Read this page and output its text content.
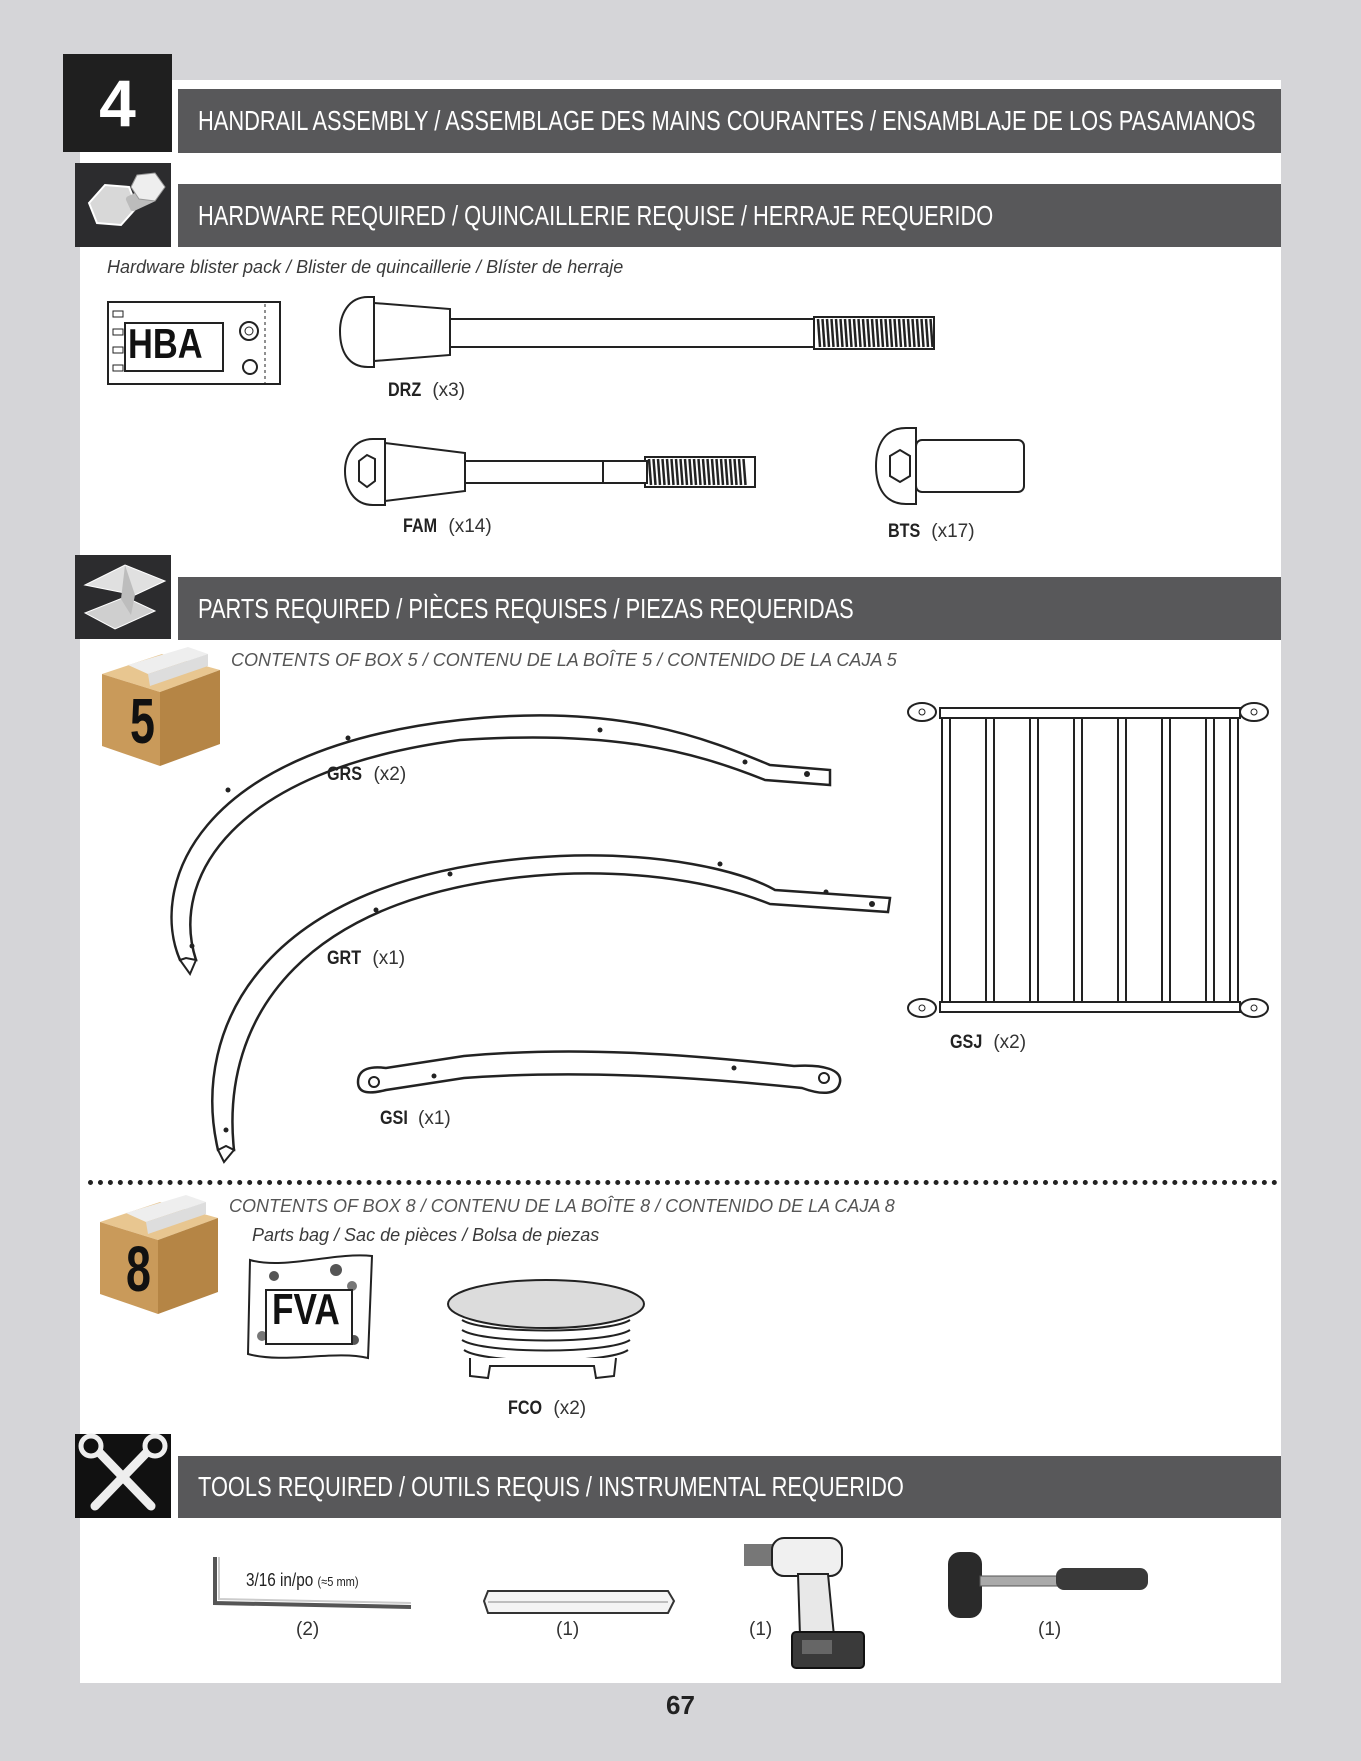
4	HANDRAIL ASSEMBLY / ASSEMBLAGE DES MAINS COURANTES / ENSAMBLAJE DE LOS PASAMANOS
HARDWARE REQUIRED / QUINCAILLERIE REQUISE / HERRAJE REQUERIDO
Hardware blister pack / Blister de quincaillerie / Blíster de herraje
HBA
DRZ (x3)
FAM (x14)	BTS (x17)
PARTS REQUIRED / PIÈCES REQUISES / PIEZAS REQUERIDAS
5
CONTENTS OF BOX 5 / CONTENU DE LA BOÎTE 5 / CONTENIDO DE LA CAJA 5
GRS (x2)
GRT (x1)
GSI (x1)
GSJ (x2)
8
CONTENTS OF BOX 8 / CONTENU DE LA BOÎTE 8 / CONTENIDO DE LA CAJA 8
Parts bag / Sac de pièces / Bolsa de piezas
FVA
FCO (x2)
TOOLS REQUIRED / OUTILS REQUIS / INSTRUMENTAL REQUERIDO
3/16 in/po (≈5 mm)
(2)	(1)	(1)	(1)
67
